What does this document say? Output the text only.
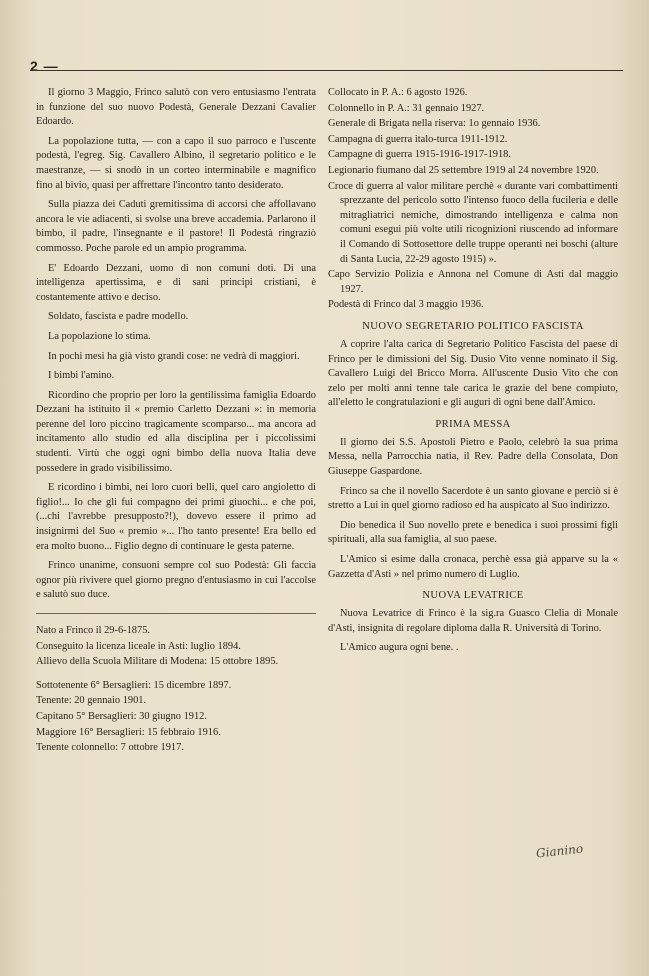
2 —

Il giorno 3 Maggio, Frinco salutò con vero entusiasmo l'entrata in funzione del suo nuovo Podestà, Generale Dezzani Cavalier Edoardo.

La popolazione tutta, — con a capo il suo parroco e l'uscente podestà, l'egreg. Sig. Cavallero Albino, il segretario politico e le maestranze, — si snodò in un corteo interminabile e magnifico fino al bivio, quasi per affrettare l'incontro tanto desiderato.

Sulla piazza dei Caduti gremitissima di accorsi che affollavano ancora le vie adiacenti, si svolse una breve accademia. Parlarono il bimbo, il padre, l'insegnante e il pastore! Il Podestà ringraziò commosso. Poche parole ed un ampio programma.

E' Edoardo Dezzani, uomo di non comuni doti. Di una intelligenza apertissima, e di sani principi cristiani, è costantemente attivo e deciso.

Soldato, fascista e padre modello.

La popolazione lo stima.

In pochi mesi ha già visto grandi cose: ne vedrà di maggiori.

I bimbi l'amino.

Ricordino che proprio per loro la gentilissima famiglia Edoardo Dezzani ha istituito il « premio Carletto Dezzani »: in memoria perenne del loro piccino tragicamente scomparso... ma ancora ad incitamento allo studio ed alla disciplina per i piccolissimi studenti. Virtù che oggi ogni bimbo della nuova Italia deve possedere in grado visibilissimo.

E ricordino i bimbi, nei loro cuori belli, quel caro angioletto di figlio!... Io che gli fui compagno dei primi giuochi... e che poi, (...chi l'avrebbe presupposto?!), dovevo essere il primo ad insignirmi del Suo « premio »... l'ho tanto presente! Era bello ed era molto buono... Figlio degno di continuare le gesta paterne.

Frinco unanime, consuoni sempre col suo Podestà: Gli faccia ognor più rivivere quel giorno pregno d'entusiasmo in cui l'accolse e salutò suo duce.

Nato a Frinco il 29-6-1875.

Conseguito la licenza liceale in Asti: luglio 1894.

Allievo della Scuola Militare di Modena: 15 ottobre 1895.

Sottotenente 6° Bersaglieri: 15 dicembre 1897.

Tenente: 20 gennaio 1901.

Capitano 5° Bersaglieri: 30 giugno 1912.

Maggiore 16° Bersaglieri: 15 febbraio 1916.

Tenente colonnello: 7 ottobre 1917.

Collocato in P. A.: 6 agosto 1926.

Colonnello in P. A.: 31 gennaio 1927.

Generale di Brigata nella riserva: 1o gennaio 1936.

Campagna di guerra italo-turca 1911-1912.

Campagne di guerra 1915-1916-1917-1918.

Legionario fiumano dal 25 settembre 1919 al 24 novembre 1920.

Croce di guerra al valor militare perchè « durante vari combattimenti sprezzante del pericolo sotto l'intenso fuoco della fucileria e delle mitragliatrici nemiche, dimostrando intelligenza e calma non comuni eseguì più volte utili ricognizioni riuscendo ad informare il Comando di Sottosettore delle truppe operanti nei boschi (alture di Santa Lucia, 22-29 agosto 1915) ».

Capo Servizio Polizia e Annona nel Comune di Asti dal maggio 1927.

Podestà di Frinco dal 3 maggio 1936.

NUOVO SEGRETARIO POLITICO FASCISTA

A coprire l'alta carica di Segretario Politico Fascista del paese di Frinco per le dimissioni del Sig. Dusio Vito venne nominato il Sig. Cavallero Luigi del Bricco Morra. All'uscente Dusio Vito che con zelo per molti anni tenne tale carica le grazie del bene compiuto, all'eletto le congratulazioni e gli auguri di ogni bene dall'Amico.

PRIMA MESSA

Il giorno dei S.S. Apostoli Pietro e Paolo, celebrò la sua prima Messa, nella Parrocchia natia, il Rev. Padre della Consolata, Don Giuseppe Gaspardone.

Frinco sa che il novello Sacerdote è un santo giovane e perciò si è stretto a Lui in quel giorno radioso ed ha auspicato al Suo indirizzo.

Dio benedica il Suo novello prete e benedica i suoi prossimi figli spirituali, alla sua famiglia, al suo paese.

L'Amico si esime dalla cronaca, perchè essa già apparve su la « Gazzetta d'Asti » nel primo numero di Luglio.

NUOVA LEVATRICE

Nuova Levatrice di Frinco è la sig.ra Guasco Clelia di Monale d'Asti, insignita di regolare diploma dalla R. Università di Torino.

L'Amico augura ogni bene. .

Gianino
